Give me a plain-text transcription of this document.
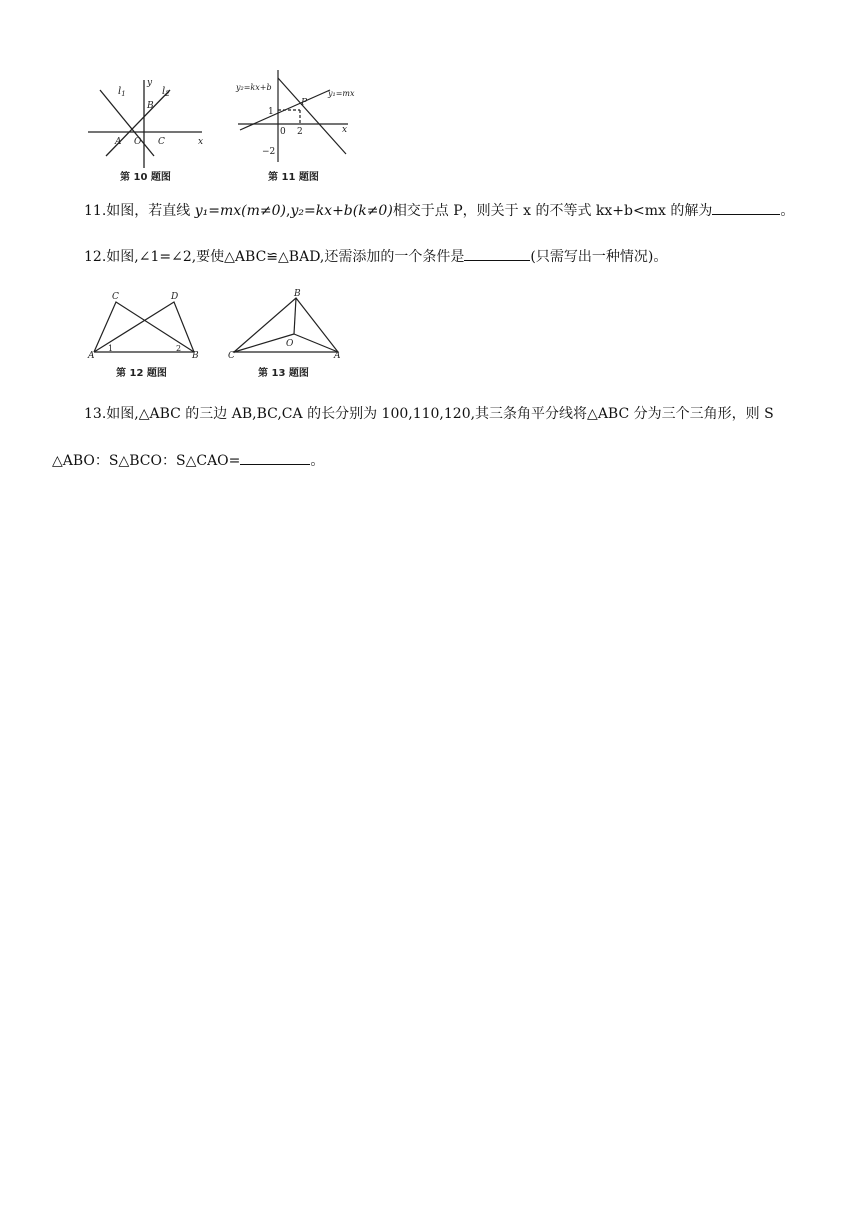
$l_1$	$l_2$
y
x
B
A O C
第 10 题图
y₂=kx+b
y₁=mx
P
1
0 2	x
−2
第 11 题图
11.如图，若直线 y₁=mx(m≠0),y₂=kx+b(k≠0)相交于点 P，则关于 x 的不等式 kx+b<mx 的解为	。
12.如图,∠1=∠2,要使△ABC≌△BAD,还需添加的一个条件是	(只需写出一种情况)。
C	D
A	B
1	2
第 12 题图
B
C
O
A
第 13 题图
13.如图,△ABC 的三边 AB,BC,CA 的长分别为 100,110,120,其三条角平分线将△ABC 分为三个三角形，则 S
△ABO：S△BCO：S△CAO=	。
